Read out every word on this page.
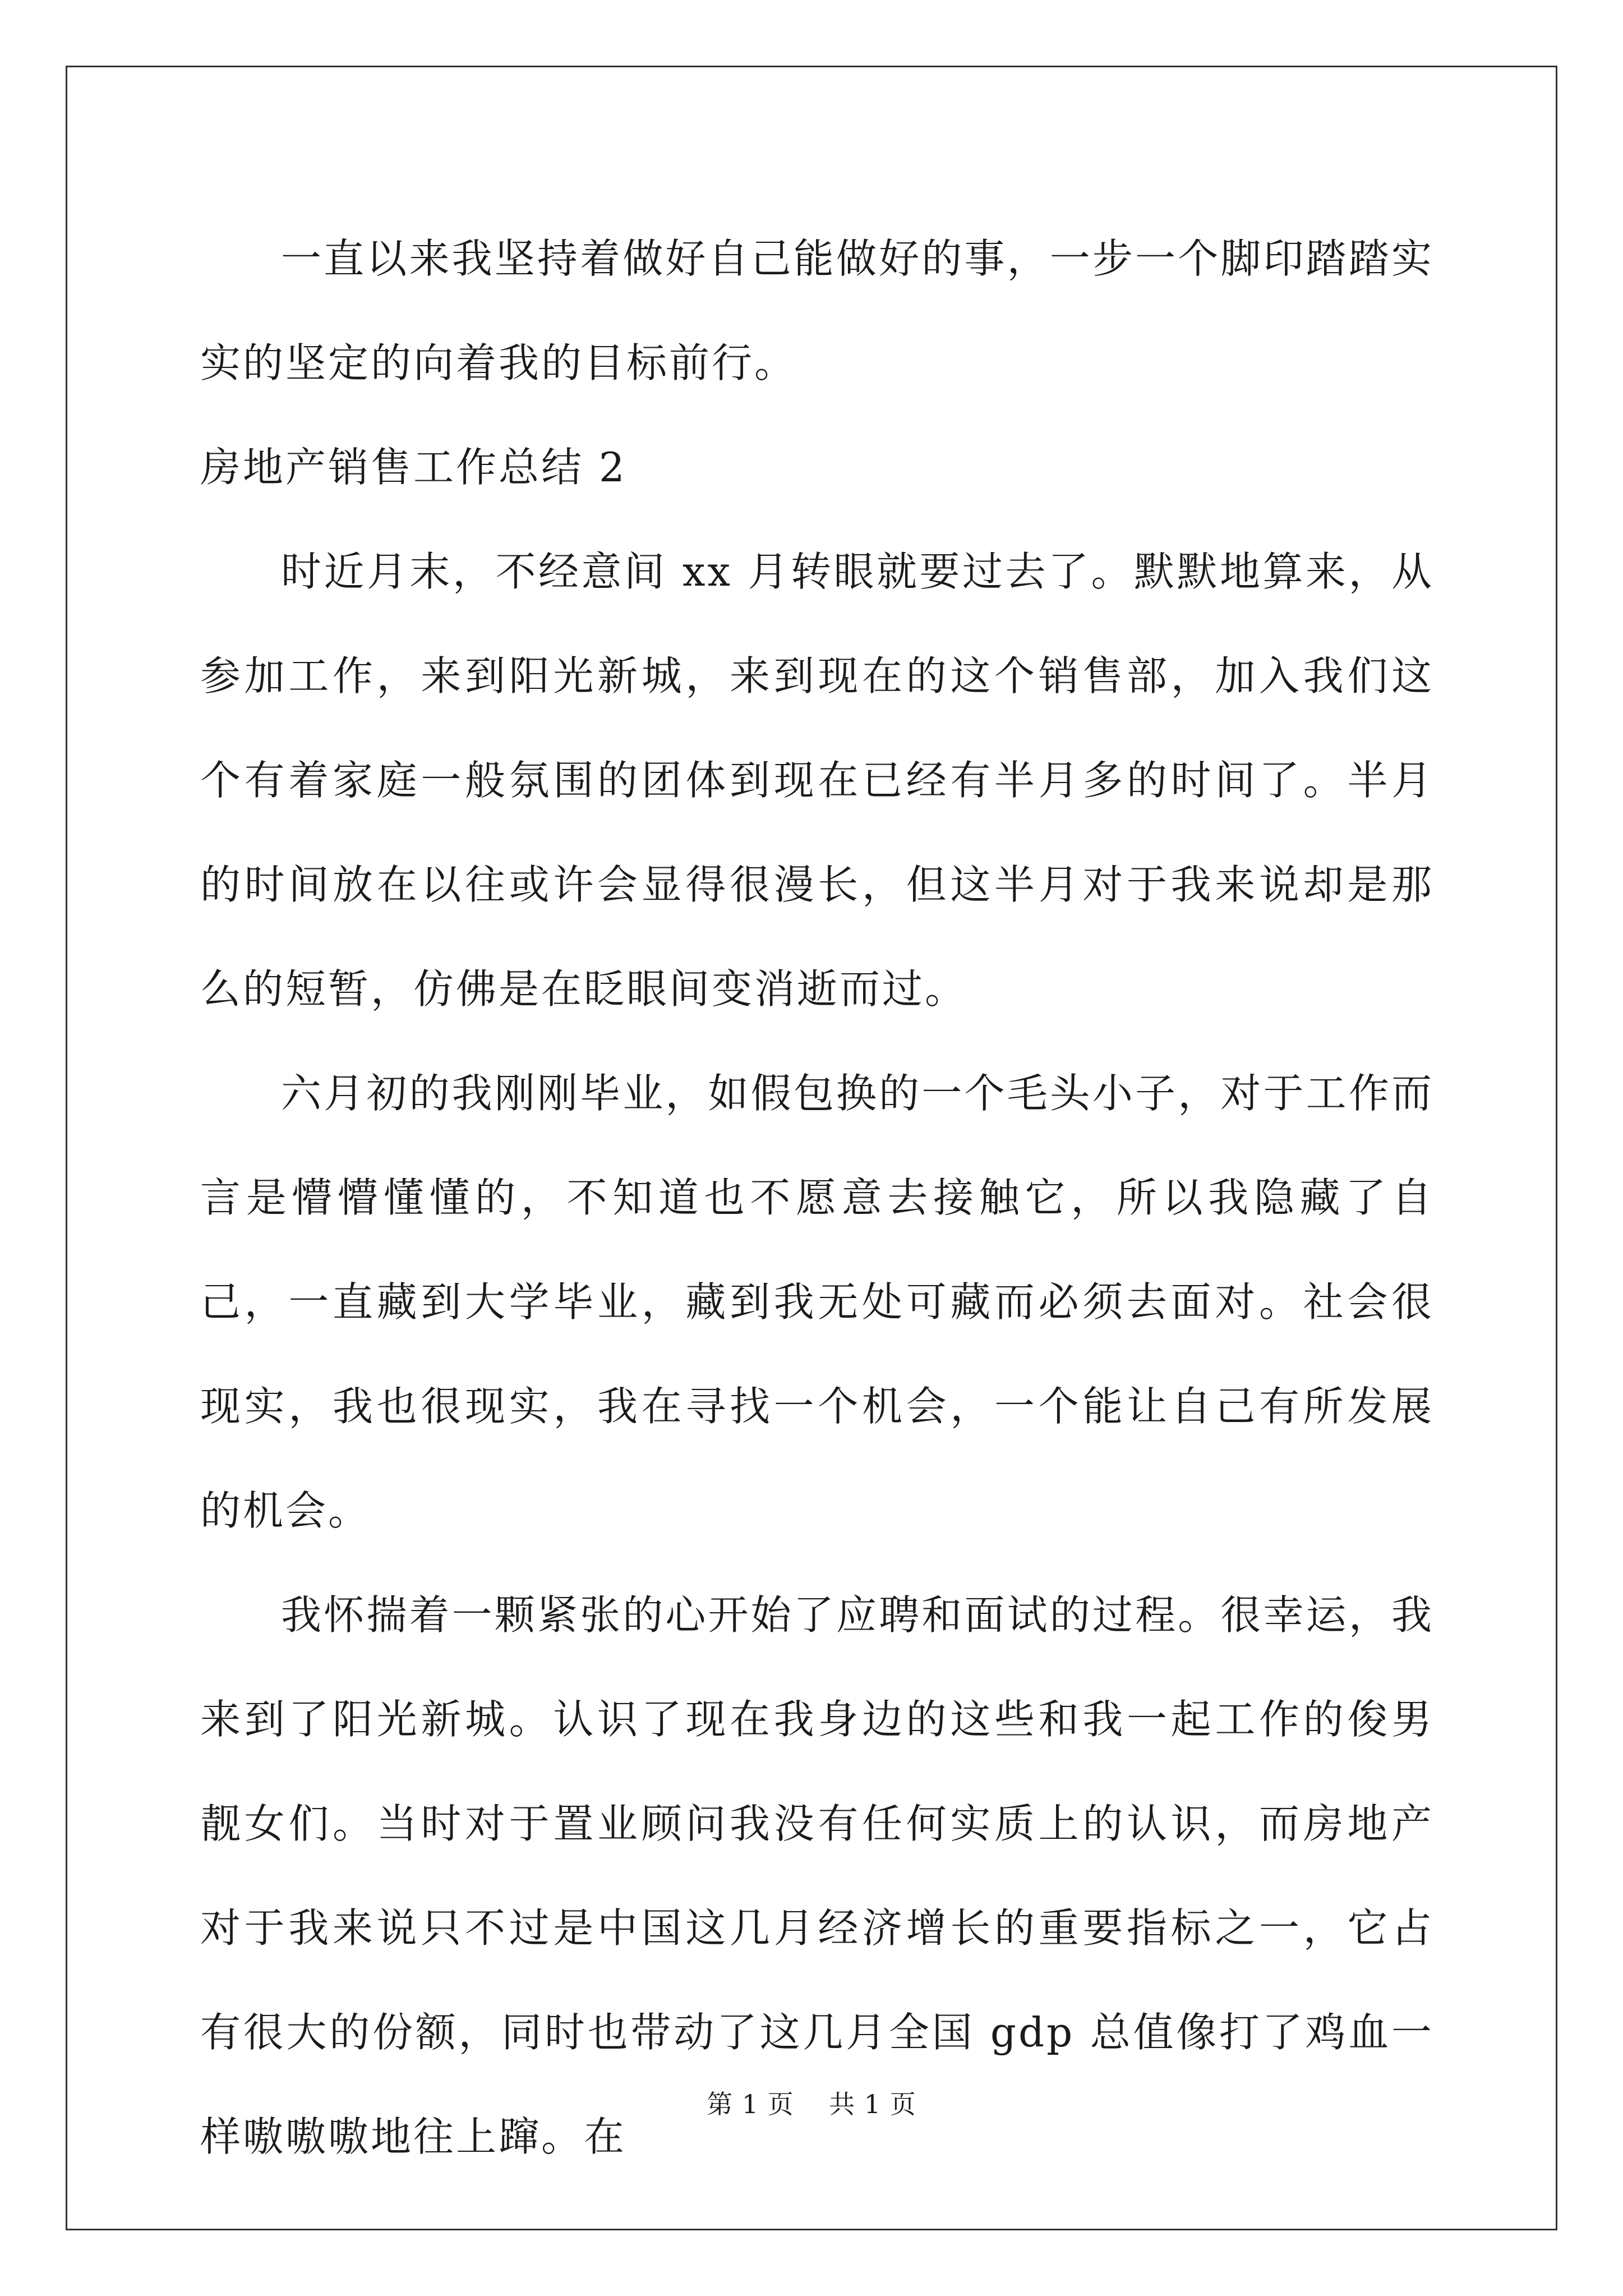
一直以来我坚持着做好自己能做好的事，一步一个脚印踏踏实实的坚定的向着我的目标前行。

房地产销售工作总结 2

时近月末，不经意间 xx 月转眼就要过去了。默默地算来，从参加工作，来到阳光新城，来到现在的这个销售部，加入我们这个有着家庭一般氛围的团体到现在已经有半月多的时间了。半月的时间放在以往或许会显得很漫长，但这半月对于我来说却是那么的短暂，仿佛是在眨眼间变消逝而过。

六月初的我刚刚毕业，如假包换的一个毛头小子，对于工作而言是懵懵懂懂的，不知道也不愿意去接触它，所以我隐藏了自己，一直藏到大学毕业，藏到我无处可藏而必须去面对。社会很现实，我也很现实，我在寻找一个机会，一个能让自己有所发展的机会。

我怀揣着一颗紧张的心开始了应聘和面试的过程。很幸运，我来到了阳光新城。认识了现在我身边的这些和我一起工作的俊男靓女们。当时对于置业顾问我没有任何实质上的认识，而房地产对于我来说只不过是中国这几月经济增长的重要指标之一，它占有很大的份额，同时也带动了这几月全国 gdp 总值像打了鸡血一样嗷嗷嗷地往上蹿。在

第 1 页 共 1 页
